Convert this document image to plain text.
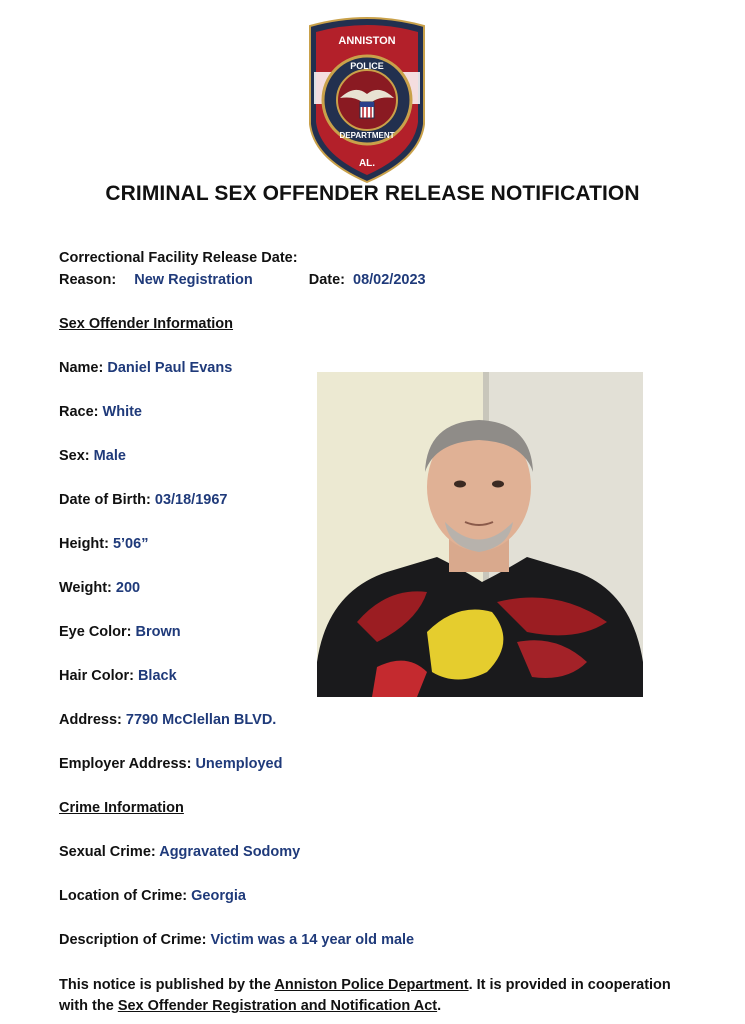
ANNISTON
POLICE
DEPARTMENT
AL.
CRIMINAL SEX OFFENDER RELEASE NOTIFICATION
Correctional Facility Release Date:
Reason: New Registration	Date: 08/02/2023
Sex Offender Information
Name: Daniel Paul Evans
Race: White
Sex: Male
Date of Birth: 03/18/1967
Height: 5’06”
Weight: 200
Eye Color: Brown
Hair Color: Black
Address: 7790 McClellan BLVD.
Employer Address: Unemployed
Crime Information
Sexual Crime: Aggravated Sodomy
Location of Crime: Georgia
Description of Crime: Victim was a 14 year old male
This notice is published by the Anniston Police Department. It is provided in cooperation with the Sex Offender Registration and Notification Act.
